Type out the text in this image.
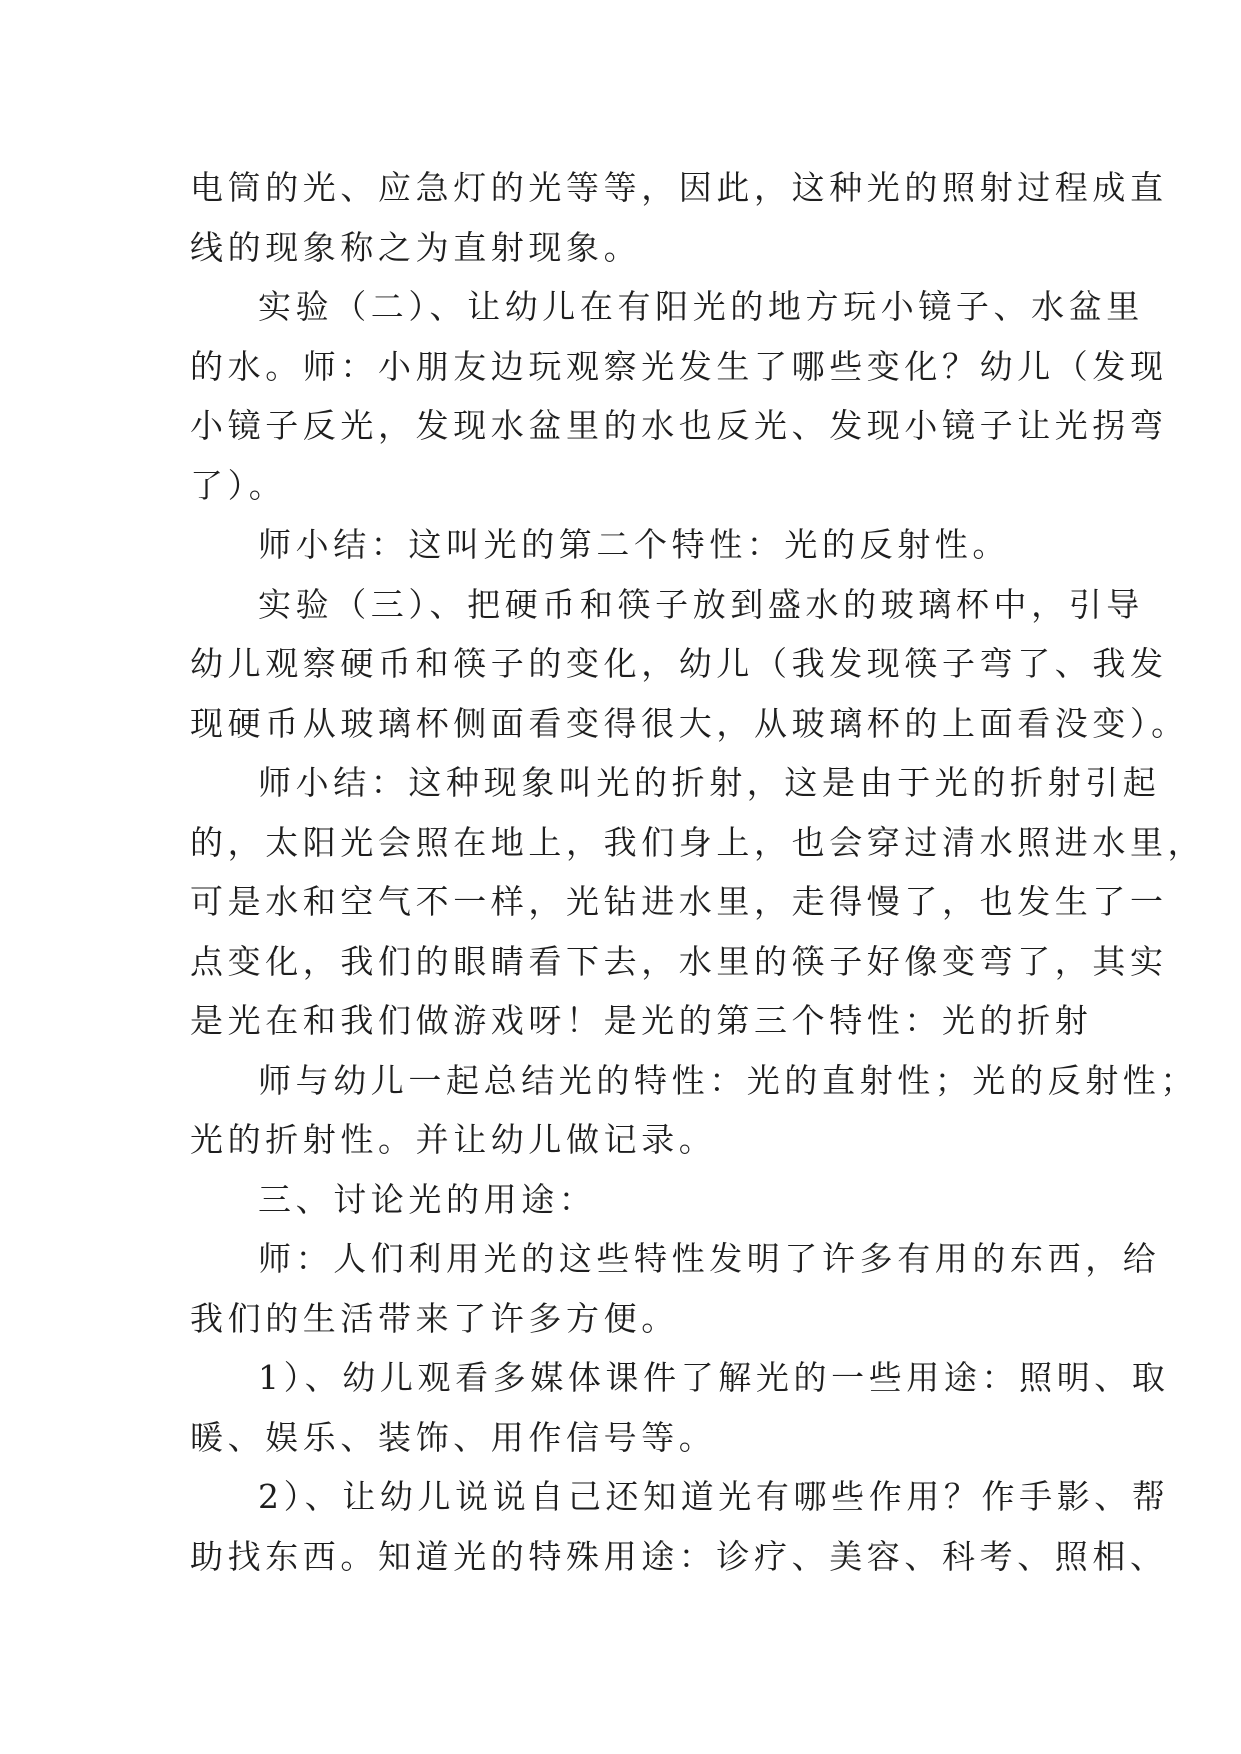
电筒的光、应急灯的光等等，因此，这种光的照射过程成直
线的现象称之为直射现象。
实验（二）、让幼儿在有阳光的地方玩小镜子、水盆里
的水。师：小朋友边玩观察光发生了哪些变化？幼儿（发现
小镜子反光，发现水盆里的水也反光、发现小镜子让光拐弯
了）。
师小结：这叫光的第二个特性：光的反射性。
实验（三）、把硬币和筷子放到盛水的玻璃杯中，引导
幼儿观察硬币和筷子的变化，幼儿（我发现筷子弯了、我发
现硬币从玻璃杯侧面看变得很大，从玻璃杯的上面看没变）。
师小结：这种现象叫光的折射，这是由于光的折射引起
的，太阳光会照在地上，我们身上，也会穿过清水照进水里，
可是水和空气不一样，光钻进水里，走得慢了，也发生了一
点变化，我们的眼睛看下去，水里的筷子好像变弯了，其实
是光在和我们做游戏呀！是光的第三个特性：光的折射
师与幼儿一起总结光的特性：光的直射性；光的反射性；
光的折射性。并让幼儿做记录。
三、讨论光的用途：
师：人们利用光的这些特性发明了许多有用的东西，给
我们的生活带来了许多方便。
1）、幼儿观看多媒体课件了解光的一些用途：照明、取
暖、娱乐、装饰、用作信号等。
2）、让幼儿说说自己还知道光有哪些作用？作手影、帮
助找东西。知道光的特殊用途：诊疗、美容、科考、照相、
